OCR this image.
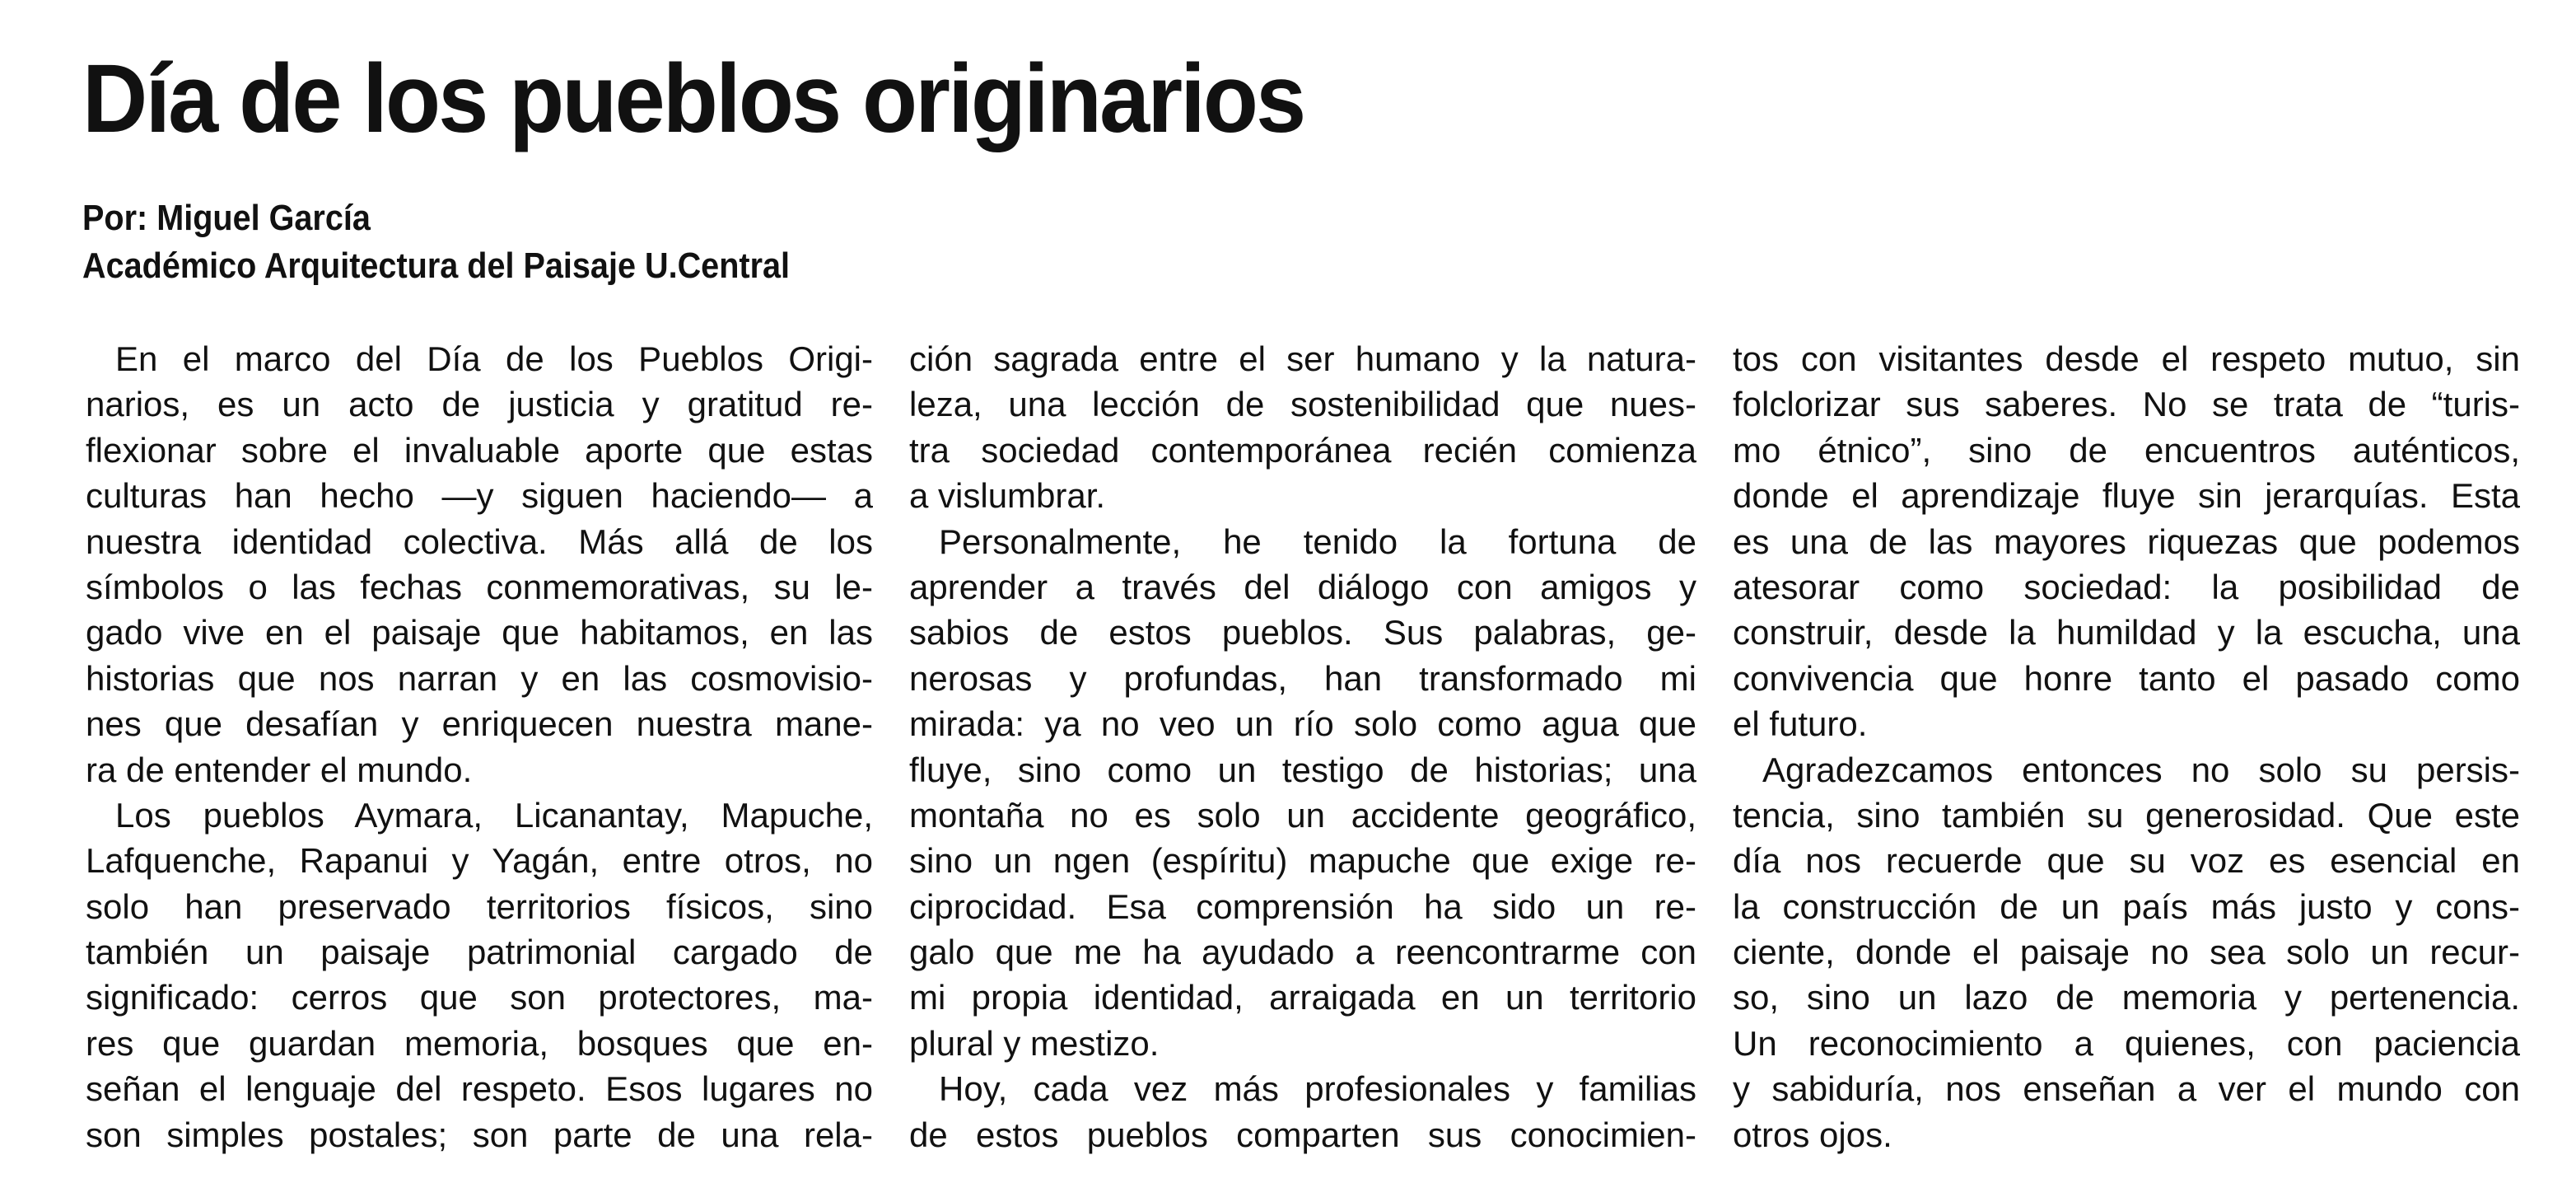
Día de los pueblos originarios
Por: Miguel García
Académico Arquitectura del Paisaje U.Central
En el marco del Día de los Pueblos Origi-
narios, es un acto de justicia y gratitud re-
flexionar sobre el invaluable aporte que estas
culturas han hecho —y siguen haciendo— a
nuestra identidad colectiva. Más allá de los
símbolos o las fechas conmemorativas, su le-
gado vive en el paisaje que habitamos, en las
historias que nos narran y en las cosmovisio-
nes que desafían y enriquecen nuestra mane-
ra de entender el mundo.
Los pueblos Aymara, Licanantay, Mapuche,
Lafquenche, Rapanui y Yagán, entre otros, no
solo han preservado territorios físicos, sino
también un paisaje patrimonial cargado de
significado: cerros que son protectores, ma-
res que guardan memoria, bosques que en-
señan el lenguaje del respeto. Esos lugares no
son simples postales; son parte de una rela-
ción sagrada entre el ser humano y la natura-
leza, una lección de sostenibilidad que nues-
tra sociedad contemporánea recién comienza
a vislumbrar.
Personalmente, he tenido la fortuna de
aprender a través del diálogo con amigos y
sabios de estos pueblos. Sus palabras, ge-
nerosas y profundas, han transformado mi
mirada: ya no veo un río solo como agua que
fluye, sino como un testigo de historias; una
montaña no es solo un accidente geográfico,
sino un ngen (espíritu) mapuche que exige re-
ciprocidad. Esa comprensión ha sido un re-
galo que me ha ayudado a reencontrarme con
mi propia identidad, arraigada en un territorio
plural y mestizo.
Hoy, cada vez más profesionales y familias
de estos pueblos comparten sus conocimien-
tos con visitantes desde el respeto mutuo, sin
folclorizar sus saberes. No se trata de “turis-
mo étnico”, sino de encuentros auténticos,
donde el aprendizaje fluye sin jerarquías. Esta
es una de las mayores riquezas que podemos
atesorar como sociedad: la posibilidad de
construir, desde la humildad y la escucha, una
convivencia que honre tanto el pasado como
el futuro.
Agradezcamos entonces no solo su persis-
tencia, sino también su generosidad. Que este
día nos recuerde que su voz es esencial en
la construcción de un país más justo y cons-
ciente, donde el paisaje no sea solo un recur-
so, sino un lazo de memoria y pertenencia.
Un reconocimiento a quienes, con paciencia
y sabiduría, nos enseñan a ver el mundo con
otros ojos.
